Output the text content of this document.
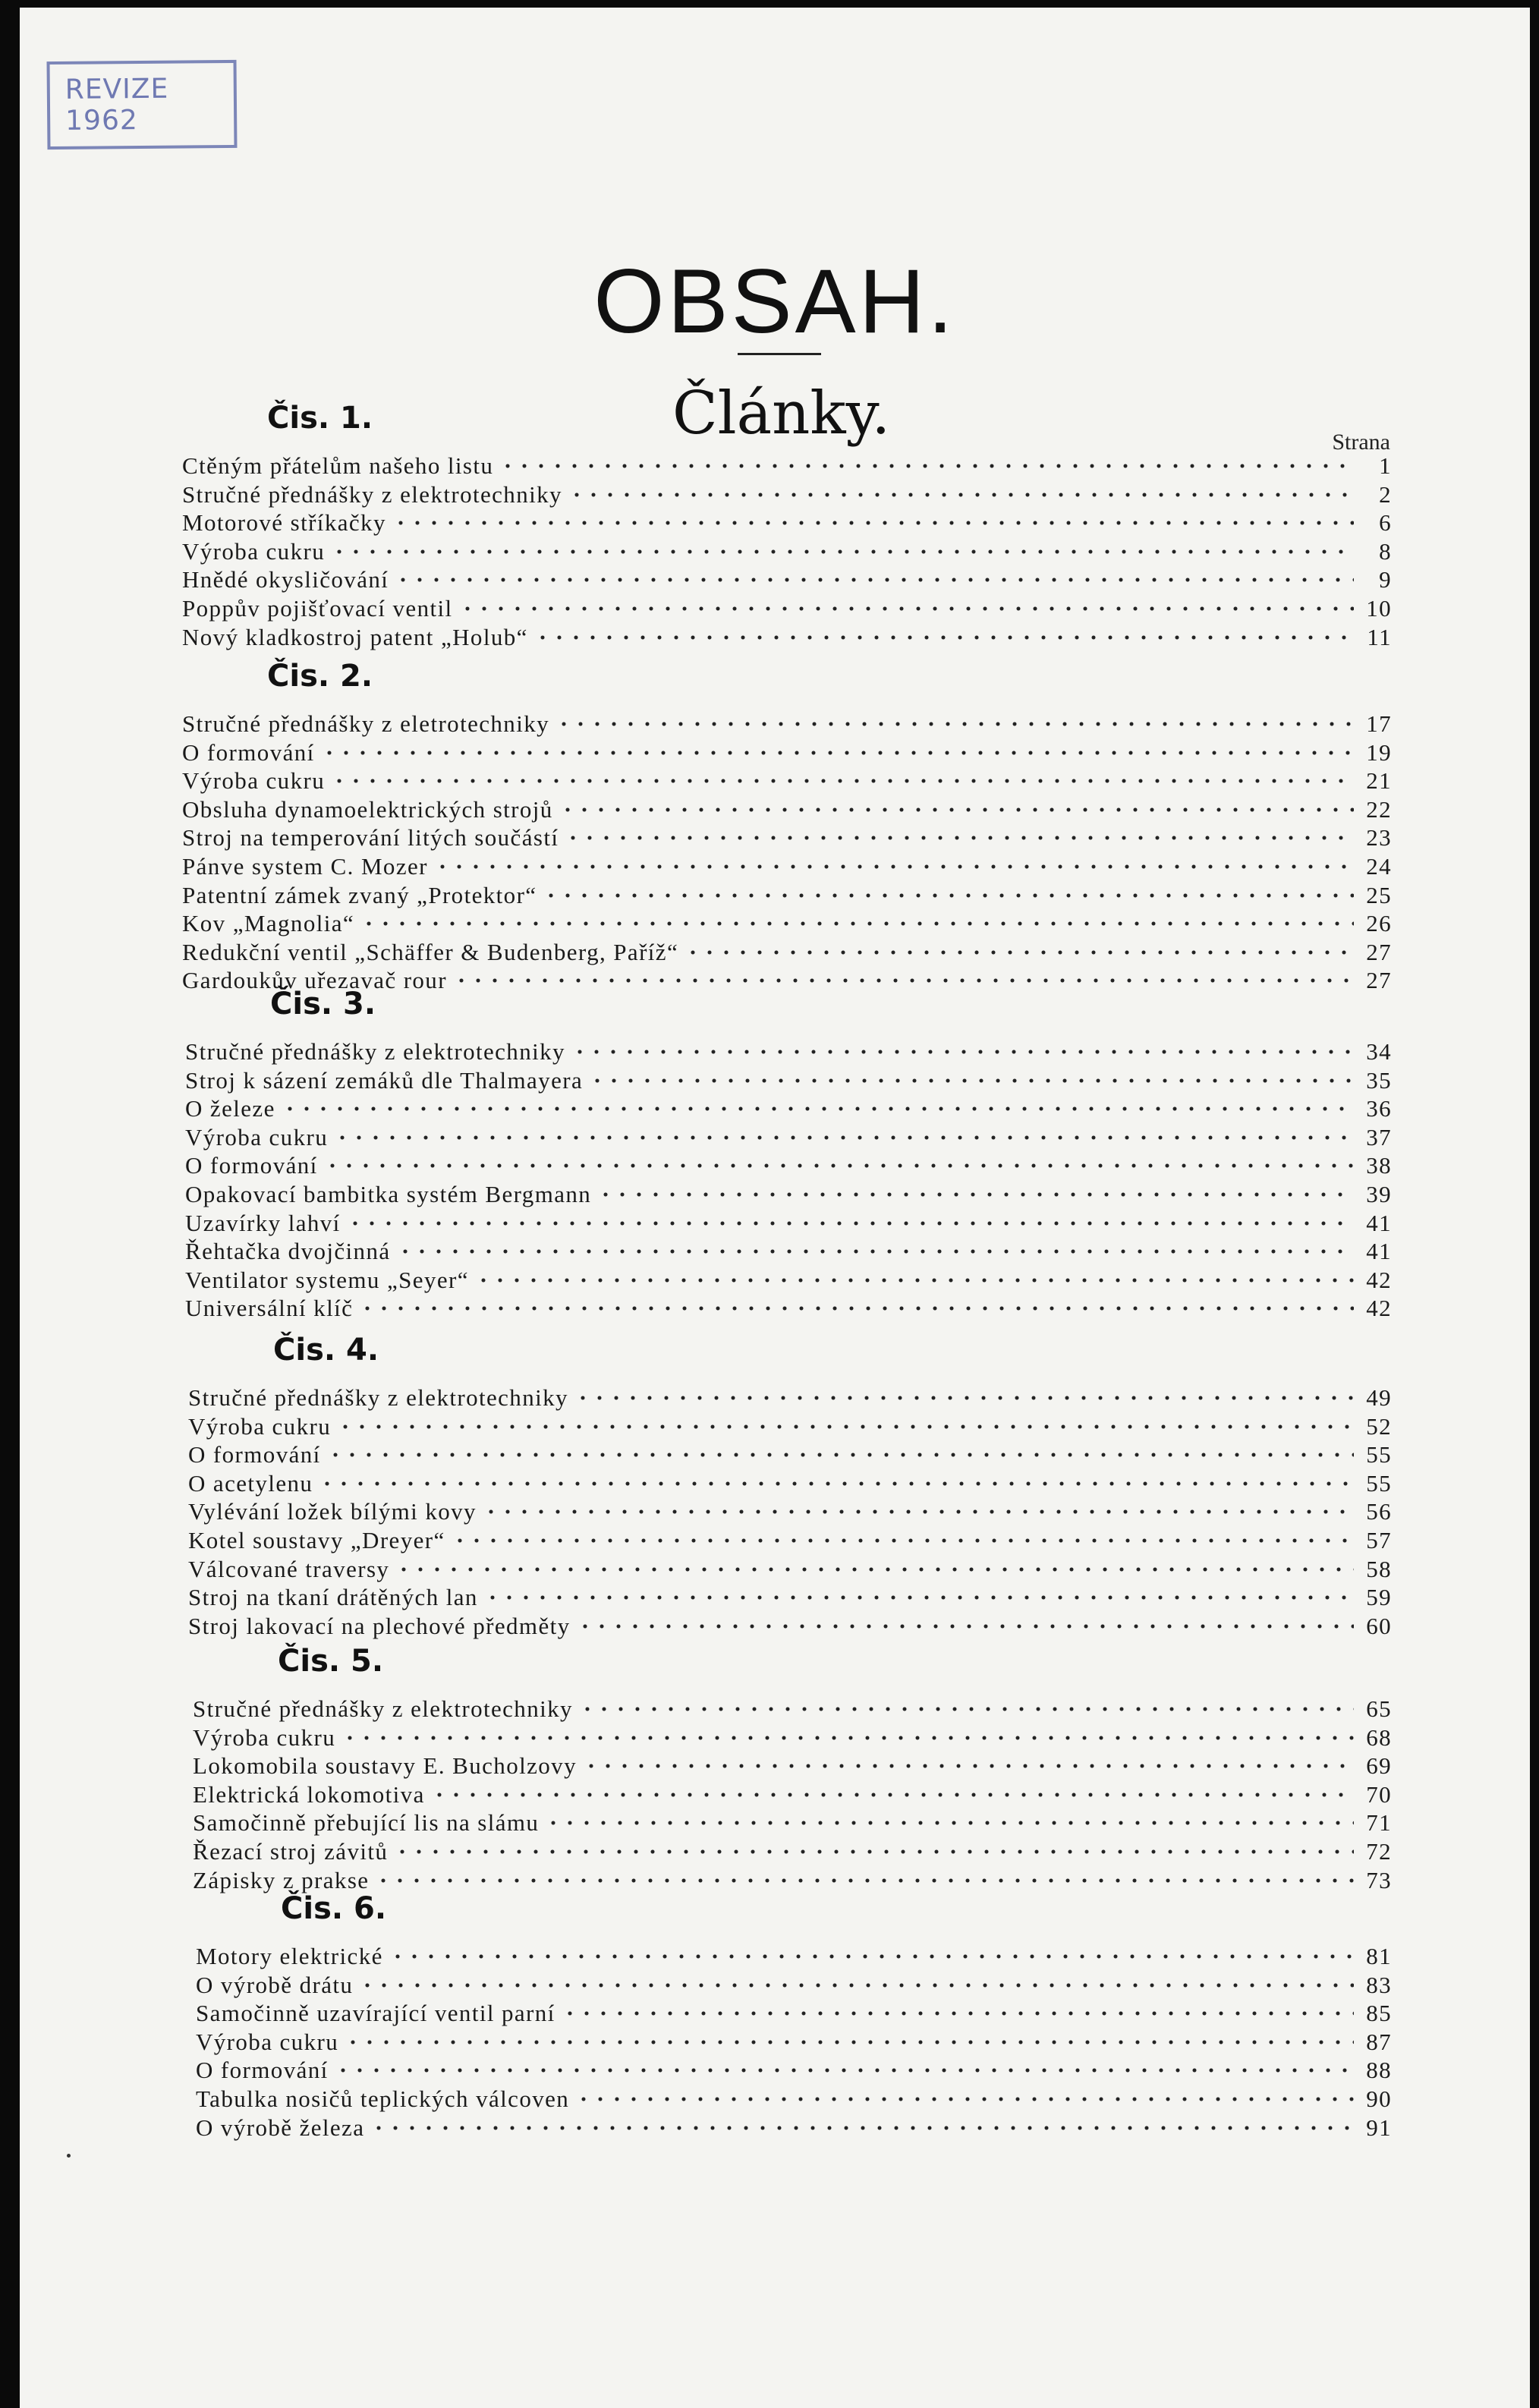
REVIZE 1962
OBSAH.
Články.	Strana
Čis. 1.
Ctěným přátelům našeho listu	1
Stručné přednášky z elektrotechniky	2
Motorové stříkačky	6
Výroba cukru	8
Hnědé okysličování	9
Poppův pojišťovací ventil	10
Nový kladkostroj patent „Holub“	11
Čis. 2.
Stručné přednášky z eletrotechniky	17
O formování	19
Výroba cukru	21
Obsluha dynamoelektrických strojů	22
Stroj na temperování litých součástí	23
Pánve system C. Mozer	24
Patentní zámek zvaný „Protektor“	25
Kov „Magnolia“	26
Redukční ventil „Schäffer & Budenberg, Paříž“	27
Gardoukův uřezavač rour	27
Čis. 3.
Stručné přednášky z elektrotechniky	34
Stroj k sázení zemáků dle Thalmayera	35
O železe	36
Výroba cukru	37
O formování	38
Opakovací bambitka systém Bergmann	39
Uzavírky lahví	41
Řehtačka dvojčinná	41
Ventilator systemu „Seyer“	42
Universální klíč	42
Čis. 4.
Stručné přednášky z elektrotechniky	49
Výroba cukru	52
O formování	55
O acetylenu	55
Vylévání ložek bílými kovy	56
Kotel soustavy „Dreyer“	57
Válcované traversy	58
Stroj na tkaní drátěných lan	59
Stroj lakovací na plechové předměty	60
Čis. 5.
Stručné přednášky z elektrotechniky	65
Výroba cukru	68
Lokomobila soustavy E. Bucholzovy	69
Elektrická lokomotiva	70
Samočinně přebující lis na slámu	71
Řezací stroj závitů	72
Zápisky z prakse	73
Čis. 6.
Motory elektrické	81
O výrobě drátu	83
Samočinně uzavírající ventil parní	85
Výroba cukru	87
O formování	88
Tabulka nosičů teplických válcoven	90
O výrobě železa	91
